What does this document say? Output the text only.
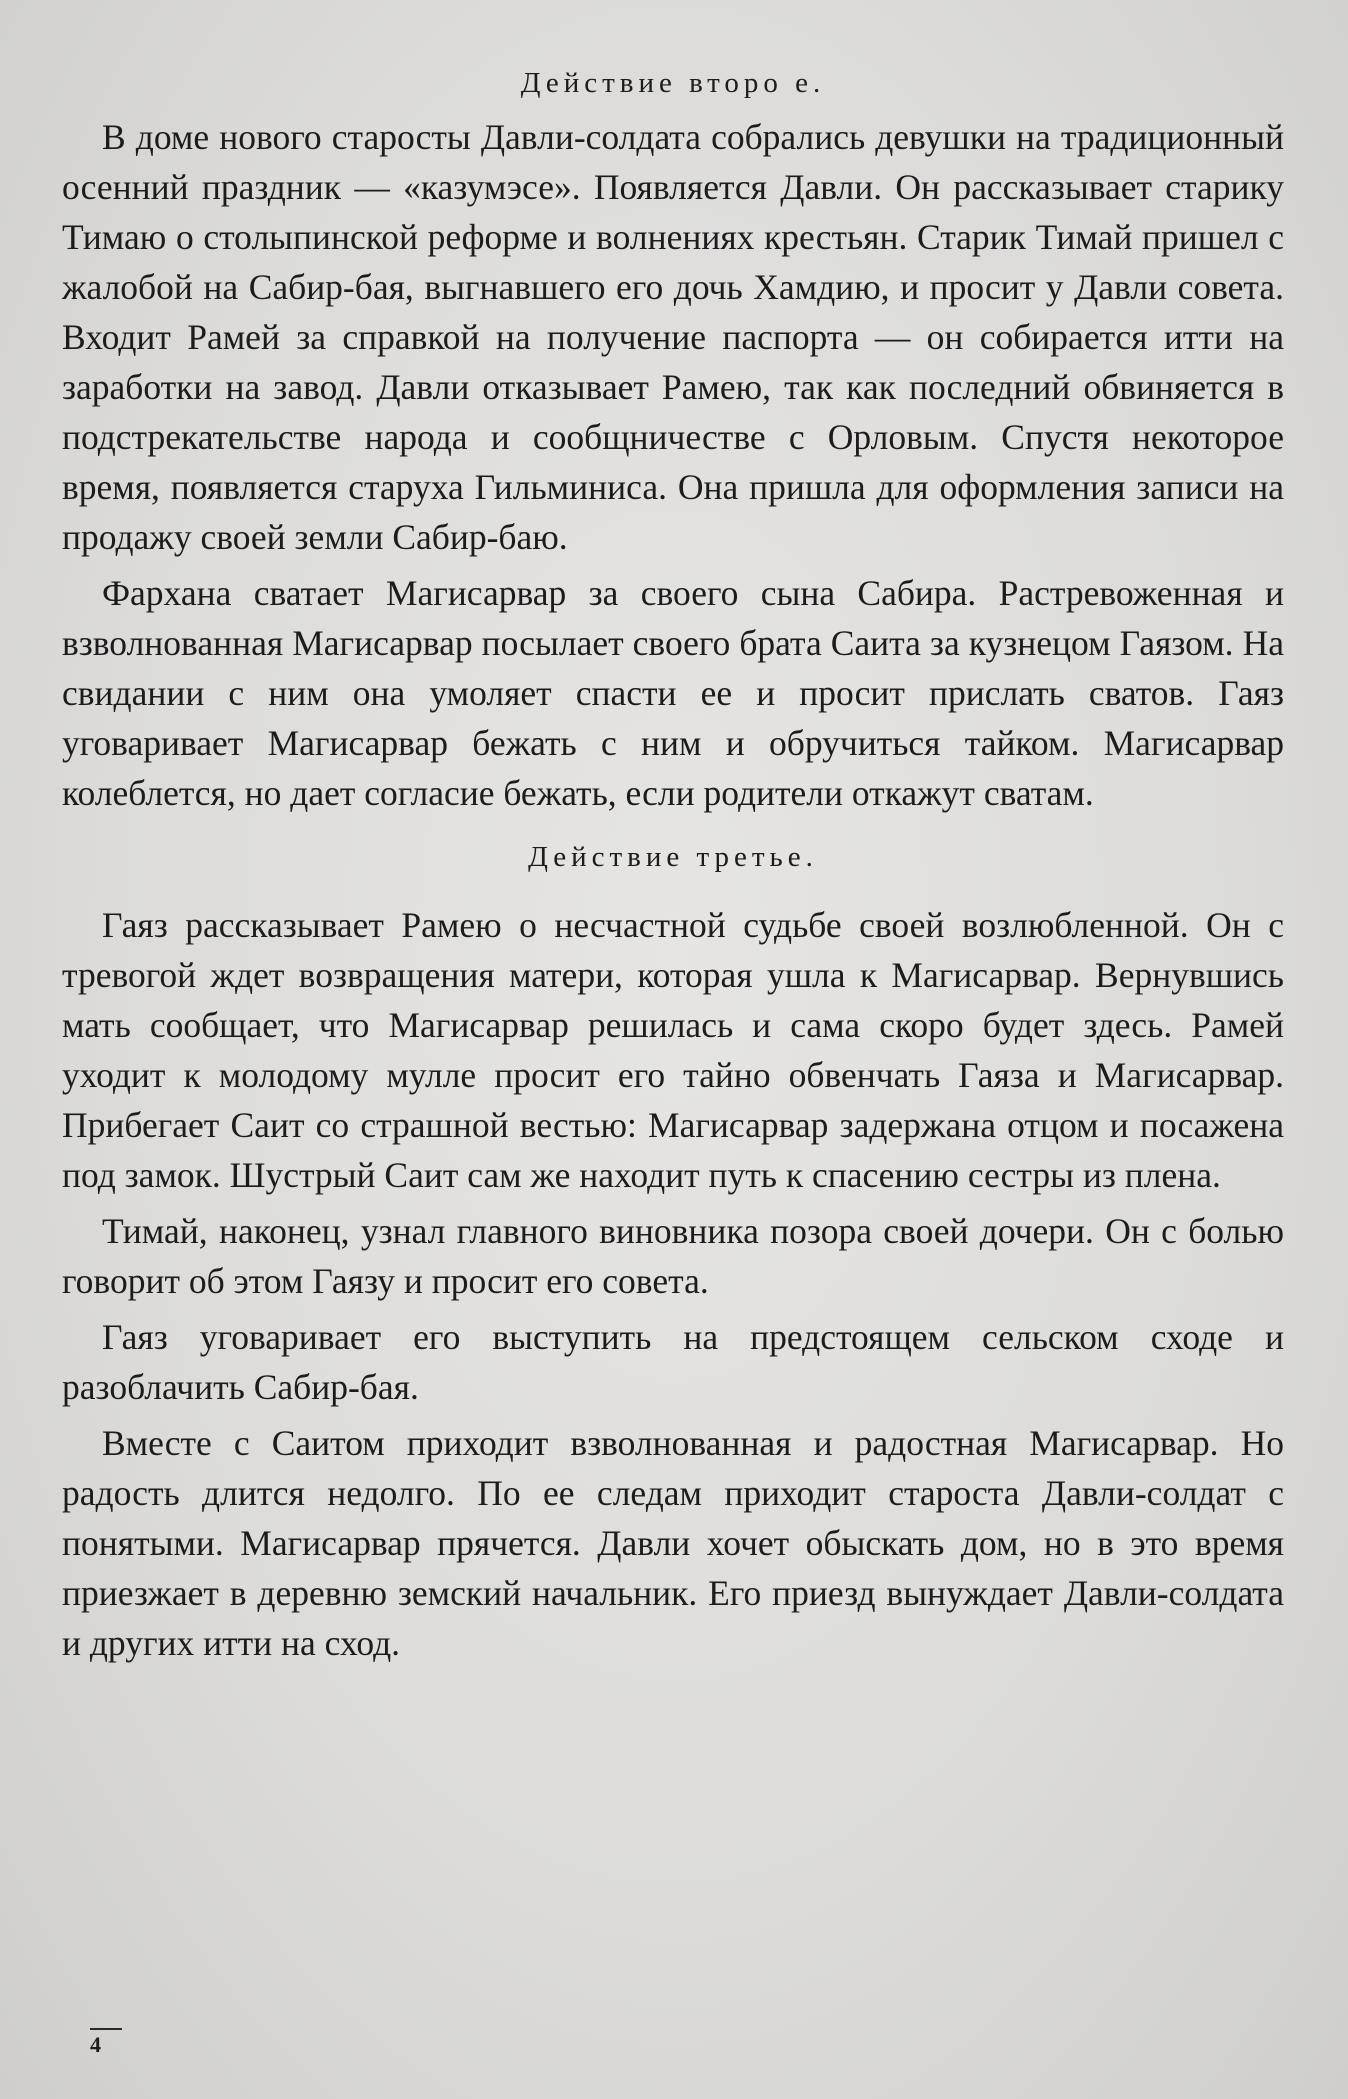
Действие второ е.

В доме нового старосты Давли-солдата собрались девушки на традиционный осенний праздник — «казумэсе». Появляется Давли. Он рассказывает старику Тимаю о столыпинской реформе и волнениях крестьян. Старик Тимай пришел с жалобой на Сабир-бая, выгнавшего его дочь Хамдию, и просит у Давли совета. Входит Рамей за справкой на получение паспорта — он собирается итти на заработки на завод. Давли отказывает Рамею, так как последний обвиняется в подстрекательстве народа и сообщничестве с Орловым. Спустя некоторое время, появляется старуха Гильминиса. Она пришла для оформления записи на продажу своей земли Сабир-баю.

Фархана сватает Магисарвар за своего сына Сабира. Растревоженная и взволнованная Магисарвар посылает своего брата Саита за кузнецом Гаязом. На свидании с ним она умоляет спасти ее и просит прислать сватов. Гаяз уговаривает Магисарвар бежать с ним и обручиться тайком. Магисарвар колеблется, но дает согласие бежать, если родители откажут сватам.

Действие третье.

Гаяз рассказывает Рамею о несчастной судьбе своей возлюбленной. Он с тревогой ждет возвращения матери, которая ушла к Магисарвар. Вернувшись мать сообщает, что Магисарвар решилась и сама скоро будет здесь. Рамей уходит к молодому мулле просит его тайно обвенчать Гаяза и Магисарвар. Прибегает Саит со страшной вестью: Магисарвар задержана отцом и посажена под замок. Шустрый Саит сам же находит путь к спасению сестры из плена.

Тимай, наконец, узнал главного виновника позора своей дочери. Он с болью говорит об этом Гаязу и просит его совета.

Гаяз уговаривает его выступить на предстоящем сельском сходе и разоблачить Сабир-бая.

Вместе с Саитом приходит взволнованная и радостная Магисарвар. Но радость длится недолго. По ее следам приходит староста Давли-солдат с понятыми. Магисарвар прячется. Давли хочет обыскать дом, но в это время приезжает в деревню земский начальник. Его приезд вынуждает Давли-солдата и других итти на сход.

4
